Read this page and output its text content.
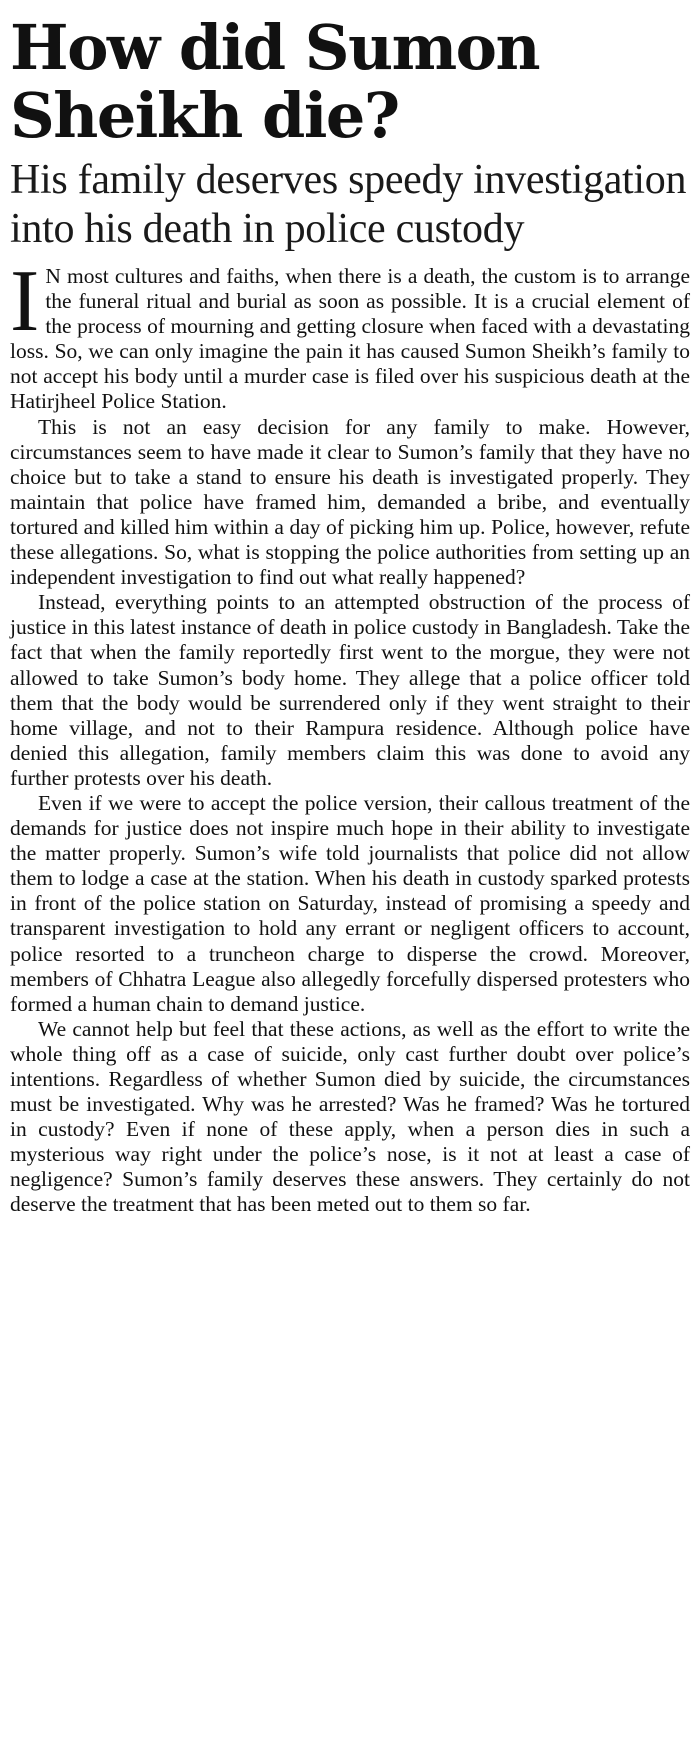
How did Sumon Sheikh die?
His family deserves speedy investigation into his death in police custody

I N most cultures and faiths, when there is a death, the custom is to arrange the funeral ritual and burial as soon as possible. It is a crucial element of the process of mourning and getting closure when faced with a devastating loss. So, we can only imagine the pain it has caused Sumon Sheikh’s family to not accept his body until a murder case is filed over his suspicious death at the Hatirjheel Police Station.

This is not an easy decision for any family to make. However, circumstances seem to have made it clear to Sumon’s family that they have no choice but to take a stand to ensure his death is investigated properly. They maintain that police have framed him, demanded a bribe, and eventually tortured and killed him within a day of picking him up. Police, however, refute these allegations. So, what is stopping the police authorities from setting up an independent investigation to find out what really happened?

Instead, everything points to an attempted obstruction of the process of justice in this latest instance of death in police custody in Bangladesh. Take the fact that when the family reportedly first went to the morgue, they were not allowed to take Sumon’s body home. They allege that a police officer told them that the body would be surrendered only if they went straight to their home village, and not to their Rampura residence. Although police have denied this allegation, family members claim this was done to avoid any further protests over his death.

Even if we were to accept the police version, their callous treatment of the demands for justice does not inspire much hope in their ability to investigate the matter properly. Sumon’s wife told journalists that police did not allow them to lodge a case at the station. When his death in custody sparked protests in front of the police station on Saturday, instead of promising a speedy and transparent investigation to hold any errant or negligent officers to account, police resorted to a truncheon charge to disperse the crowd. Moreover, members of Chhatra League also allegedly forcefully dispersed protesters who formed a human chain to demand justice.

We cannot help but feel that these actions, as well as the effort to write the whole thing off as a case of suicide, only cast further doubt over police’s intentions. Regardless of whether Sumon died by suicide, the circumstances must be investigated. Why was he arrested? Was he framed? Was he tortured in custody? Even if none of these apply, when a person dies in such a mysterious way right under the police’s nose, is it not at least a case of negligence? Sumon’s family deserves these answers. They certainly do not deserve the treatment that has been meted out to them so far.
